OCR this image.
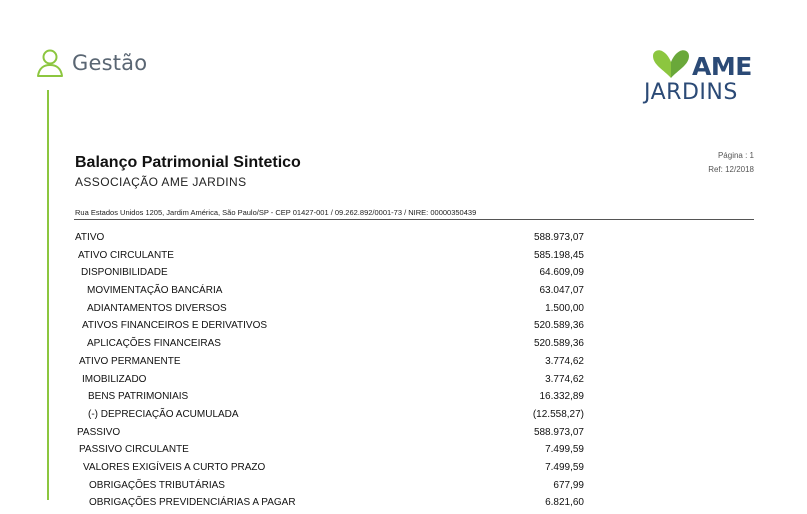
Gestão	AME
JARDINS
Balanço Patrimonial Sintetico
ASSOCIAÇÃO AME JARDINS
Página : 1
Ref: 12/2018
Rua Estados Unidos 1205, Jardim América, São Paulo/SP - CEP 01427-001 / 09.262.892/0001-73 / NIRE: 00000350439
ATIVO	588.973,07
ATIVO CIRCULANTE	585.198,45
DISPONIBILIDADE	64.609,09
MOVIMENTAÇÃO BANCÁRIA	63.047,07
ADIANTAMENTOS DIVERSOS	1.500,00
ATIVOS FINANCEIROS E DERIVATIVOS	520.589,36
APLICAÇÕES FINANCEIRAS	520.589,36
ATIVO PERMANENTE	3.774,62
IMOBILIZADO	3.774,62
BENS PATRIMONIAIS	16.332,89
(-) DEPRECIAÇÃO ACUMULADA	(12.558,27)
PASSIVO	588.973,07
PASSIVO CIRCULANTE	7.499,59
VALORES EXIGÍVEIS A CURTO PRAZO	7.499,59
OBRIGAÇÕES TRIBUTÁRIAS	677,99
OBRIGAÇÕES PREVIDENCIÁRIAS A PAGAR	6.821,60
